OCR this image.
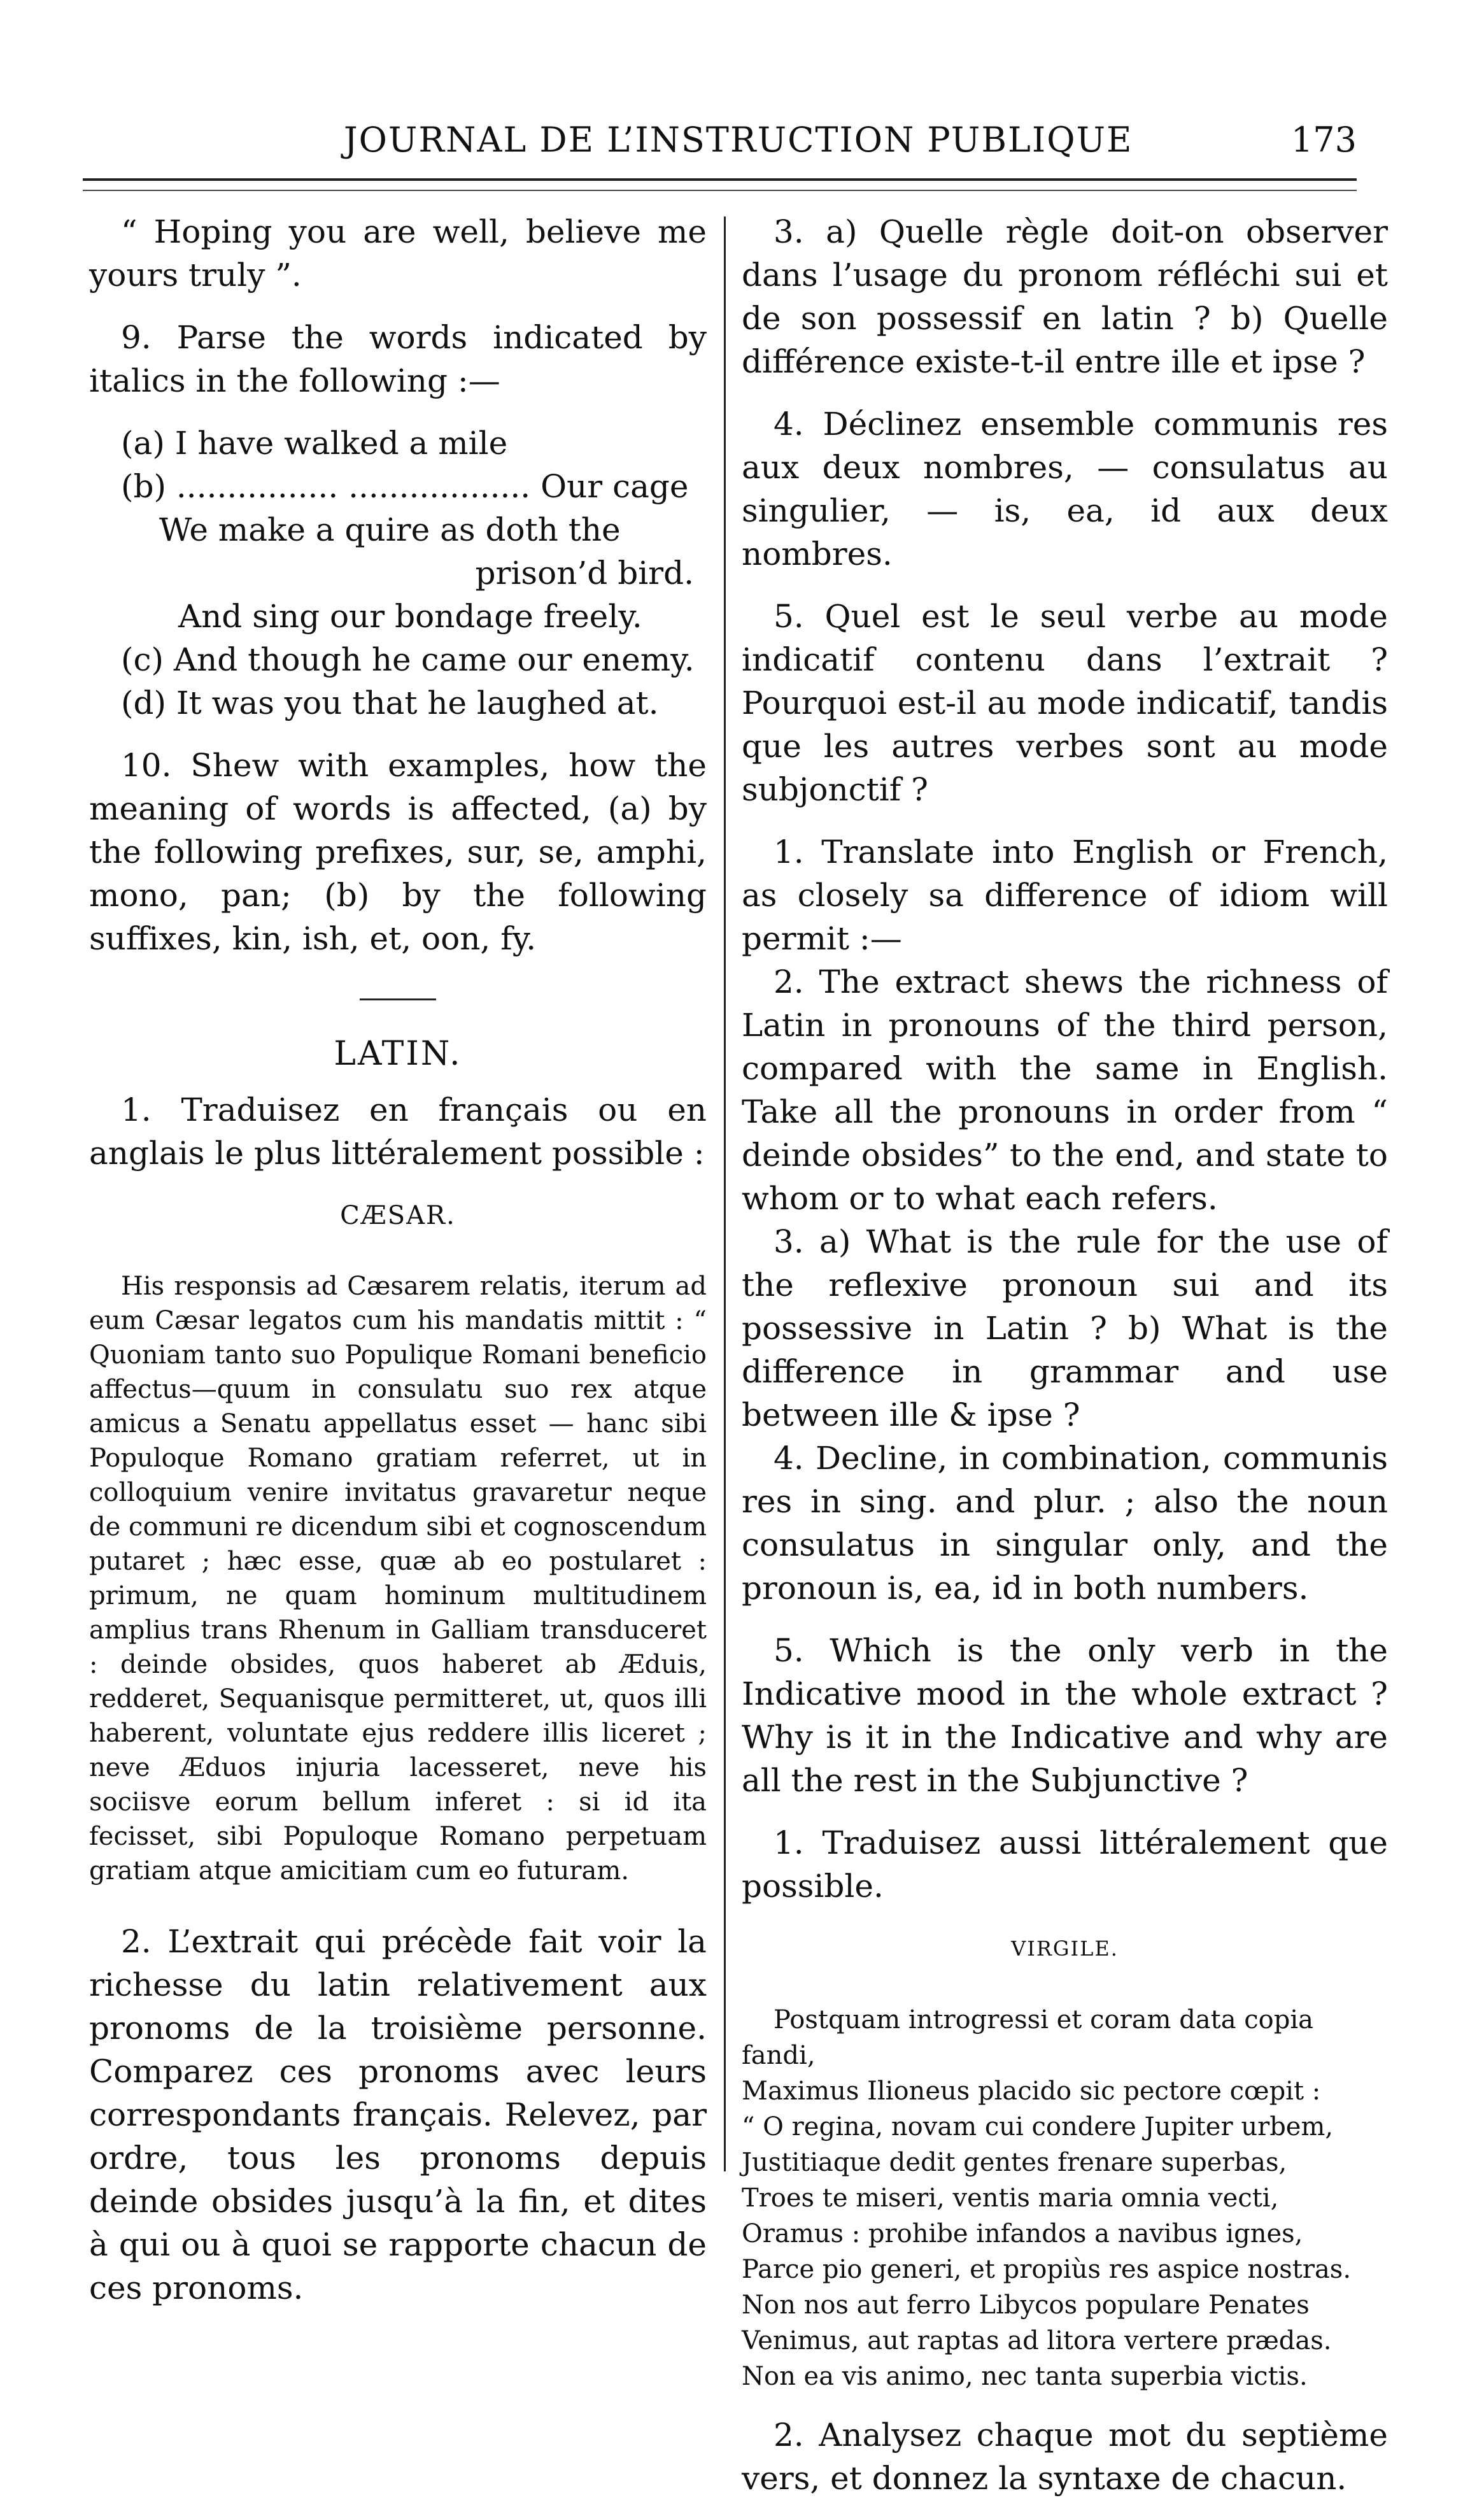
JOURNAL DE L’INSTRUCTION PUBLIQUE	173

“ Hoping you are well, believe me yours truly ”.

9. Parse the words indicated by italics in the following :—

(a) I have walked a mile

(b) ................ .................. Our cage

We make a quire as doth the

prison’d bird.

And sing our bondage freely.

(c) And though he came our enemy.

(d) It was you that he laughed at.

10. Shew with examples, how the meaning of words is affected, (a) by the following prefixes, sur, se, amphi, mono, pan; (b) by the following suffixes, kin, ish, et, oon, fy.

LATIN.

1. Traduisez en français ou en anglais le plus littéralement possible :

CÆSAR.

His responsis ad Cæsarem relatis, iterum ad eum Cæsar legatos cum his mandatis mittit : “ Quoniam tanto suo Populique Romani beneficio affectus—quum in consulatu suo rex atque amicus a Senatu appellatus esset — hanc sibi Populoque Romano gratiam referret, ut in colloquium venire invitatus gravaretur neque de communi re dicendum sibi et cognoscendum putaret ; hæc esse, quæ ab eo postularet : primum, ne quam hominum multitudinem amplius trans Rhenum in Galliam transduceret : deinde obsides, quos haberet ab Æduis, redderet, Sequanisque permitteret, ut, quos illi haberent, voluntate ejus reddere illis liceret ; neve Æduos injuria lacesseret, neve his sociisve eorum bellum inferet : si id ita fecisset, sibi Populoque Romano perpetuam gratiam atque amicitiam cum eo futuram.

2. L’extrait qui précède fait voir la richesse du latin relativement aux pronoms de la troisième personne. Comparez ces pronoms avec leurs correspondants français. Relevez, par ordre, tous les pronoms depuis deinde obsides jusqu’à la fin, et dites à qui ou à quoi se rapporte chacun de ces pronoms.

3. a) Quelle règle doit-on observer dans l’usage du pronom réfléchi sui et de son possessif en latin ? b) Quelle différence existe-t-il entre ille et ipse ?

4. Déclinez ensemble communis res aux deux nombres, — consulatus au singulier, — is, ea, id aux deux nombres.

5. Quel est le seul verbe au mode indicatif contenu dans l’extrait ? Pourquoi est-il au mode indicatif, tandis que les autres verbes sont au mode subjonctif ?

1. Translate into English or French, as closely sa difference of idiom will permit :—

2. The extract shews the richness of Latin in pronouns of the third person, compared with the same in English. Take all the pronouns in order from “ deinde obsides” to the end, and state to whom or to what each refers.

3. a) What is the rule for the use of the reflexive pronoun sui and its possessive in Latin ? b) What is the difference in grammar and use between ille & ipse ?

4. Decline, in combination, communis res in sing. and plur. ; also the noun consulatus in singular only, and the pronoun is, ea, id in both numbers.

5. Which is the only verb in the Indicative mood in the whole extract ? Why is it in the Indicative and why are all the rest in the Subjunctive ?

1. Traduisez aussi littéralement que possible.

VIRGILE.

Postquam introgressi et coram data copia

fandi,

Maximus Ilioneus placido sic pectore cœpit :

“ O regina, novam cui condere Jupiter urbem,

Justitiaque dedit gentes frenare superbas,

Troes te miseri, ventis maria omnia vecti,

Oramus : prohibe infandos a navibus ignes,

Parce pio generi, et propiùs res aspice nostras.

Non nos aut ferro Libycos populare Penates

Venimus, aut raptas ad litora vertere prædas.

Non ea vis animo, nec tanta superbia victis.

2. Analysez chaque mot du septième vers, et donnez la syntaxe de chacun.
